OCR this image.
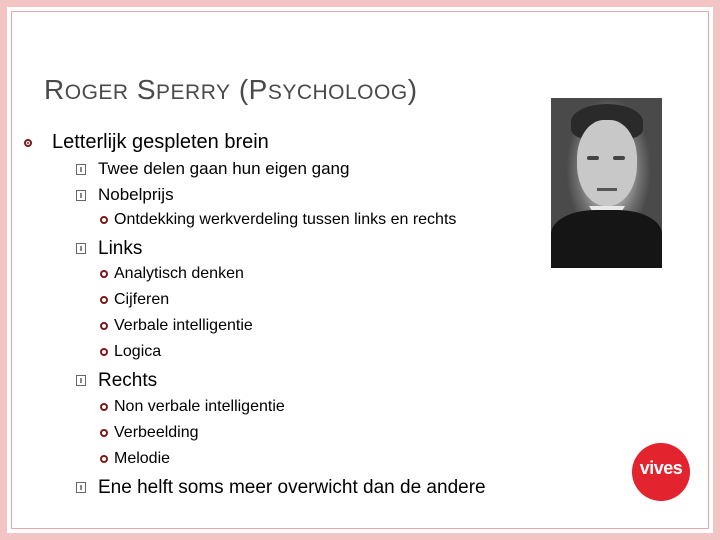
ROGER SPERRY (PSYCHOLOOG)
Letterlijk gespleten brein
Twee delen gaan hun eigen gang
Nobelprijs
Ontdekking werkverdeling tussen links en rechts
Links
Analytisch denken
Cijferen
Verbale intelligentie
Logica
Rechts
Non verbale intelligentie
Verbeelding
Melodie
Ene helft soms meer overwicht dan de andere
vives
